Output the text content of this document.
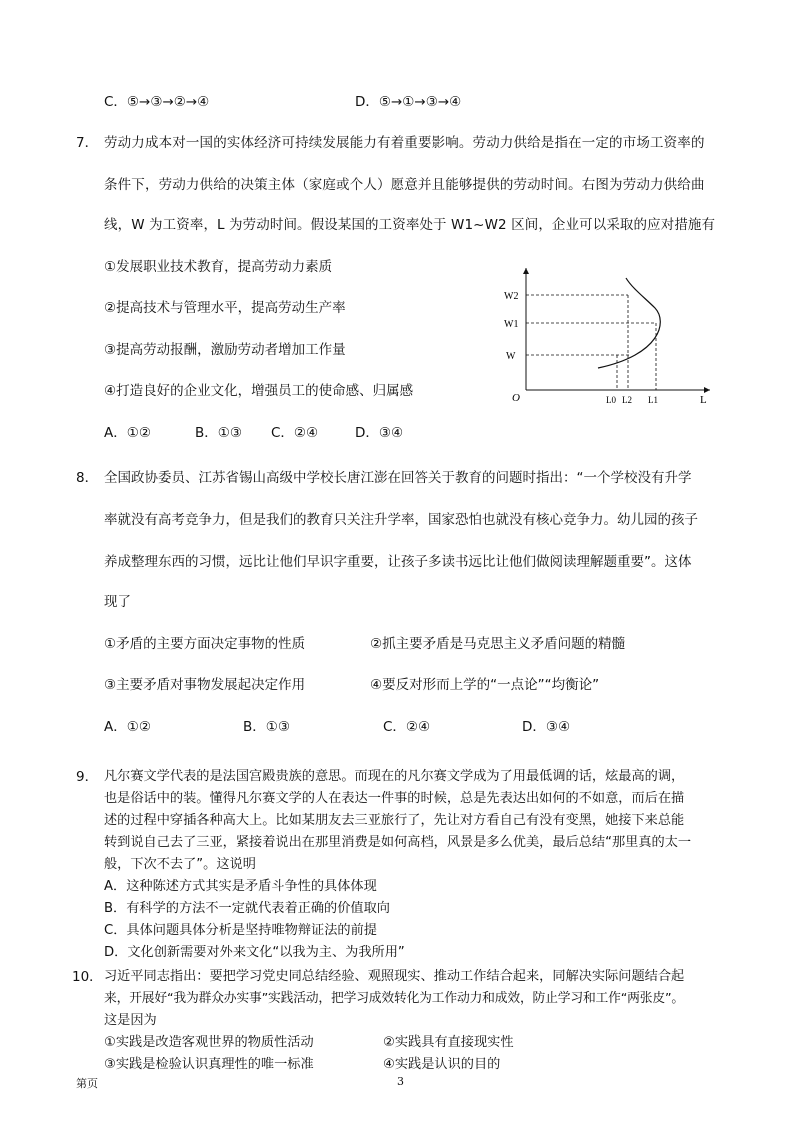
C．⑤→③→②→④	D．⑤→①→③→④
7． 劳动力成本对一国的实体经济可持续发展能力有着重要影响。劳动力供给是指在一定的市场工资率的
条件下，劳动力供给的决策主体（家庭或个人）愿意并且能够提供的劳动时间。右图为劳动力供给曲
线，W 为工资率，L 为劳动时间。假设某国的工资率处于 W1~W2 区间，企业可以采取的应对措施有
①发展职业技术教育，提高劳动力素质
②提高技术与管理水平，提高劳动生产率
③提高劳动报酬，激励劳动者增加工作量
④打造良好的企业文化，增强员工的使命感、归属感
A．①②	B．①③ C．②④	D．③④
O
W2
W1
W
L0 L2 L1	L
8． 全国政协委员、江苏省锡山高级中学校长唐江澎在回答关于教育的问题时指出：“一个学校没有升学
率就没有高考竞争力，但是我们的教育只关注升学率，国家恐怕也就没有核心竞争力。幼儿园的孩子
养成整理东西的习惯，远比让他们早识字重要，让孩子多读书远比让他们做阅读理解题重要”。这体
现了
①矛盾的主要方面决定事物的性质	②抓主要矛盾是马克思主义矛盾问题的精髓
③主要矛盾对事物发展起决定作用	④要反对形而上学的“一点论”“均衡论”
A．①②	B．①③	C．②④	D．③④
9． 凡尔赛文学代表的是法国宫殿贵族的意思。而现在的凡尔赛文学成为了用最低调的话，炫最高的调，
也是俗话中的装。懂得凡尔赛文学的人在表达一件事的时候，总是先表达出如何的不如意，而后在描
述的过程中穿插各种高大上。比如某朋友去三亚旅行了，先让对方看自己有没有变黑，她接下来总能
转到说自己去了三亚，紧接着说出在那里消费是如何高档，风景是多么优美，最后总结“那里真的太一
般，下次不去了”。这说明
A．这种陈述方式其实是矛盾斗争性的具体体现
B．有科学的方法不一定就代表着正确的价值取向
C．具体问题具体分析是坚持唯物辩证法的前提
D．文化创新需要对外来文化“以我为主、为我所用”
10． 习近平同志指出：要把学习党史同总结经验、观照现实、推动工作结合起来，同解决实际问题结合起
来，开展好“我为群众办实事”实践活动，把学习成效转化为工作动力和成效，防止学习和工作“两张皮”。
这是因为
①实践是改造客观世界的物质性活动	②实践具有直接现实性
③实践是检验认识真理性的唯一标准	④实践是认识的目的
第页	3
